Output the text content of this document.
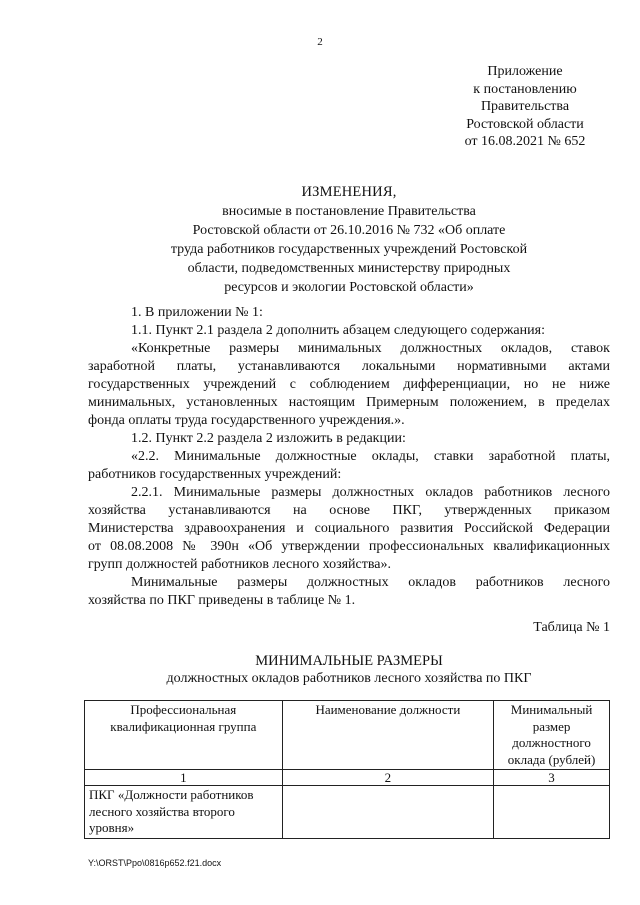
2
Приложение
к постановлению
Правительства
Ростовской области
от 16.08.2021 № 652
ИЗМЕНЕНИЯ,
вносимые в постановление Правительства
Ростовской области от 26.10.2016 № 732 «Об оплате
труда работников государственных учреждений Ростовской
области, подведомственных министерству природных
ресурсов и экологии Ростовской области»
1. В приложении № 1:
1.1. Пункт 2.1 раздела 2 дополнить абзацем следующего содержания:
«Конкретные размеры минимальных должностных окладов, ставок
заработной платы, устанавливаются локальными нормативными актами
государственных учреждений с соблюдением дифференциации, но не ниже
минимальных, установленных настоящим Примерным положением, в пределах
фонда оплаты труда государственного учреждения.».
1.2. Пункт 2.2 раздела 2 изложить в редакции:
«2.2. Минимальные должностные оклады, ставки заработной платы,
работников государственных учреждений:
2.2.1. Минимальные размеры должностных окладов работников лесного
хозяйства устанавливаются на основе ПКГ, утвержденных приказом
Министерства здравоохранения и социального развития Российской Федерации
от 08.08.2008 № 390н «Об утверждении профессиональных квалификационных
групп должностей работников лесного хозяйства».
Минимальные размеры должностных окладов работников лесного
хозяйства по ПКГ приведены в таблице № 1.
Таблица № 1
МИНИМАЛЬНЫЕ РАЗМЕРЫ
должностных окладов работников лесного хозяйства по ПКГ
Профессиональная квалификационная группа	Наименование должности	Минимальный размер должностного оклада (рублей)
1	2	3
ПКГ «Должности работников лесного хозяйства второго уровня»		
Y:\ORST\Ppo\0816p652.f21.docx
